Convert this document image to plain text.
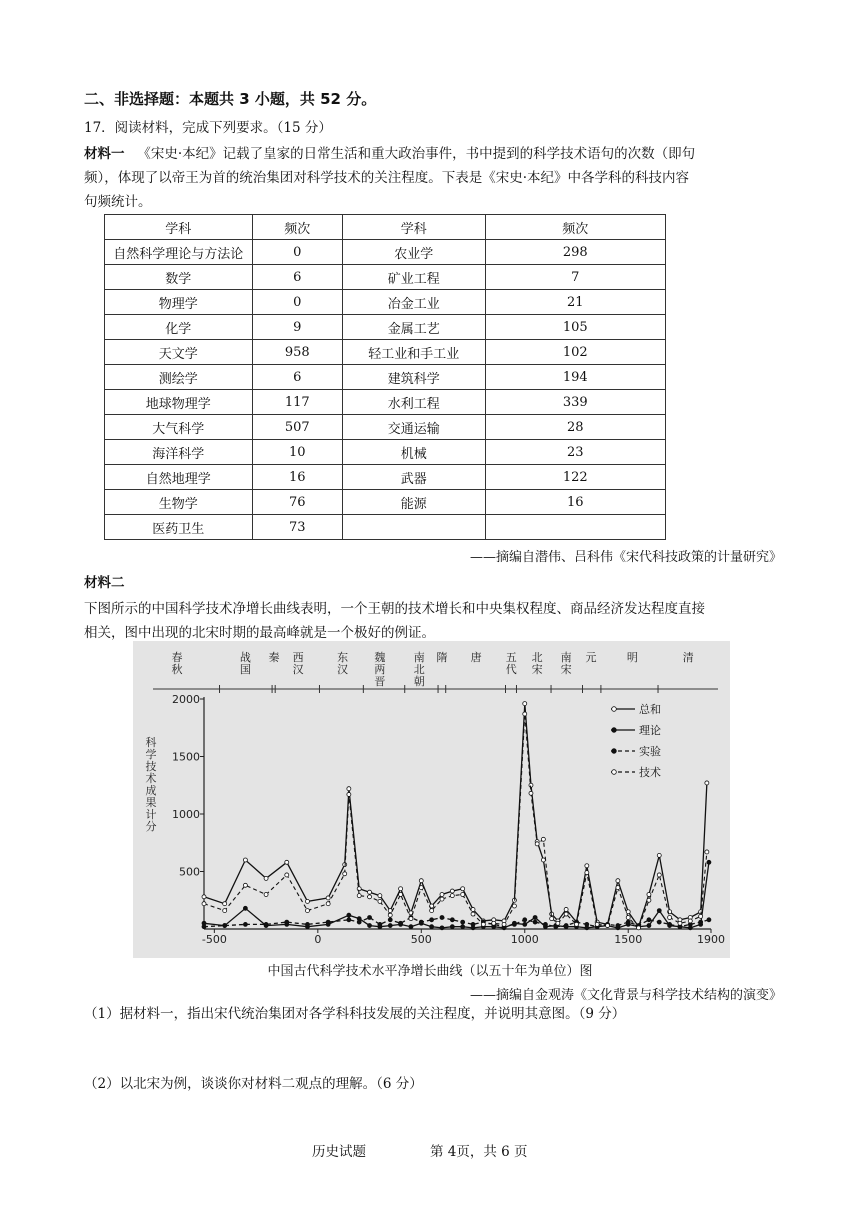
二、非选择题：本题共 3 小题，共 52 分。
17．阅读材料，完成下列要求。（15 分）
材料一 《宋史·本纪》记载了皇家的日常生活和重大政治事件，书中提到的科学技术语句的次数（即句
频），体现了以帝王为首的统治集团对科学技术的关注程度。下表是《宋史·本纪》中各学科的科技内容
句频统计。
学科	频次	学科	频次
自然科学理论与方法论	0	农业学	298
数学	6	矿业工程	7
物理学	0	冶金工业	21
化学	9	金属工艺	105
天文学	958	轻工业和手工业	102
测绘学	6	建筑科学	194
地球物理学	117	水利工程	339
大气科学	507	交通运输	28
海洋科学	10	机械	23
自然地理学	16	武器	122
生物学	76	能源	16
医药卫生	73		
——摘编自潜伟、吕科伟《宋代科技政策的计量研究》
材料二
下图所示的中国科学技术净增长曲线表明，一个王朝的技术增长和中央集权程度、商品经济发达程度直接
相关，图中出现的北宋时期的最高峰就是一个极好的例证。
春秋
战国
秦 西汉
东汉
魏两晋
南北朝
隋 唐 五代
北宋
南宋
元	明	清
500
1000
1500
2000
-500	0	500	1000	1500	1900
科学技术成果计分
总和
理论
实验
技术
中国古代科学技术水平净增长曲线（以五十年为单位）图
——摘编自金观涛《文化背景与科学技术结构的演变》
（1）据材料一，指出宋代统治集团对各学科科技发展的关注程度，并说明其意图。（9 分）
（2）以北宋为例，谈谈你对材料二观点的理解。（6 分）
历史试题	第 4页，共 6 页
